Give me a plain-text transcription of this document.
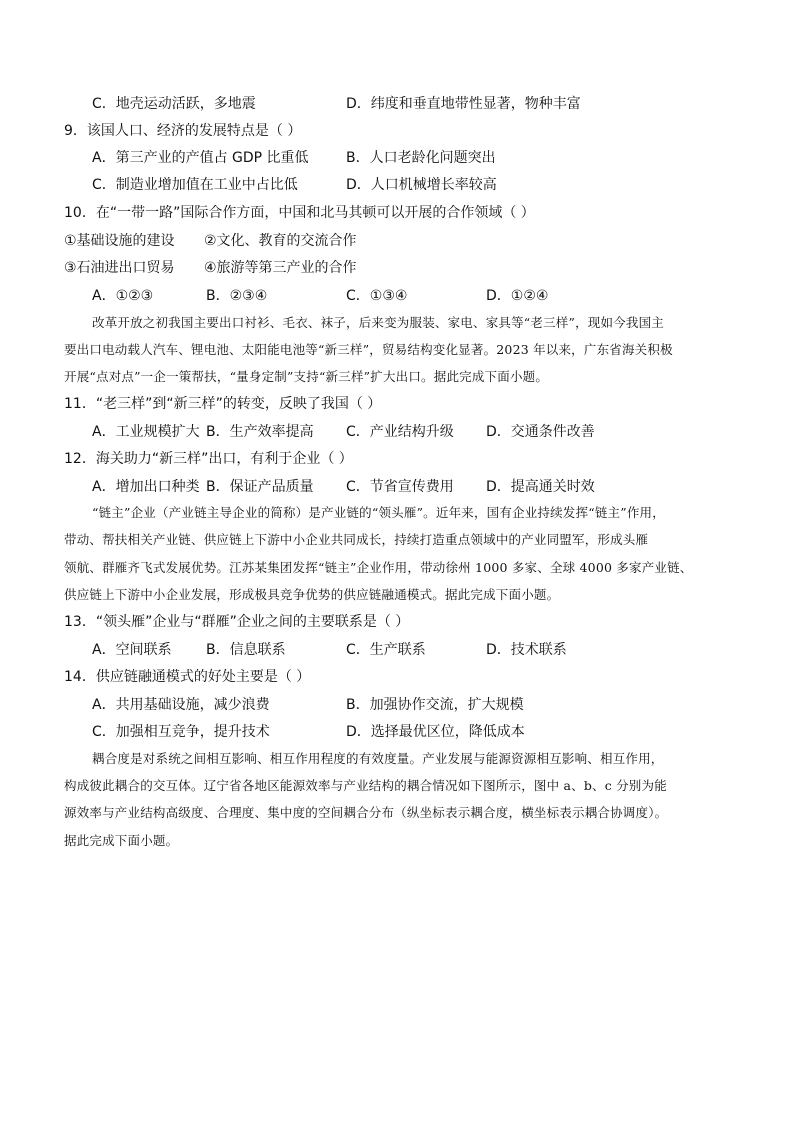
C．地壳运动活跃，多地震	D．纬度和垂直地带性显著，物种丰富
9．该国人口、经济的发展特点是（ ）
A．第三产业的产值占 GDP 比重低	B．人口老龄化问题突出
C．制造业增加值在工业中占比低	D．人口机械增长率较高
10．在“一带一路”国际合作方面，中国和北马其顿可以开展的合作领域（ ）
①基础设施的建设 ②文化、教育的交流合作
③石油进出口贸易 ④旅游等第三产业的合作
A．①②③	B．②③④	C．①③④	D．①②④
改革开放之初我国主要出口衬衫、毛衣、袜子，后来变为服装、家电、家具等“老三样”，现如今我国主
要出口电动载人汽车、锂电池、太阳能电池等“新三样”，贸易结构变化显著。2023 年以来，广东省海关积极
开展“点对点”一企一策帮扶，“量身定制”支持“新三样”扩大出口。据此完成下面小题。
11．“老三样”到“新三样”的转变，反映了我国（ ）
A．工业规模扩大 B．生产效率提高 C．产业结构升级 D．交通条件改善
12．海关助力“新三样”出口，有利于企业（ ）
A．增加出口种类 B．保证产品质量 C．节省宣传费用 D．提高通关时效
“链主”企业（产业链主导企业的简称）是产业链的“领头雁”。近年来，国有企业持续发挥“链主”作用，
带动、帮扶相关产业链、供应链上下游中小企业共同成长，持续打造重点领域中的产业同盟军，形成头雁
领航、群雁齐飞式发展优势。江苏某集团发挥“链主”企业作用，带动徐州 1000 多家、全球 4000 多家产业链、
供应链上下游中小企业发展，形成极具竞争优势的供应链融通模式。据此完成下面小题。
13．“领头雁”企业与“群雁”企业之间的主要联系是（ ）
A．空间联系 B．信息联系	C．生产联系	D．技术联系
14．供应链融通模式的好处主要是（ ）
A．共用基础设施，减少浪费	B．加强协作交流，扩大规模
C．加强相互竞争，提升技术	D．选择最优区位，降低成本
耦合度是对系统之间相互影响、相互作用程度的有效度量。产业发展与能源资源相互影响、相互作用，
构成彼此耦合的交互体。辽宁省各地区能源效率与产业结构的耦合情况如下图所示，图中 a、b、c 分别为能
源效率与产业结构高级度、合理度、集中度的空间耦合分布（纵坐标表示耦合度，横坐标表示耦合协调度）。
据此完成下面小题。
